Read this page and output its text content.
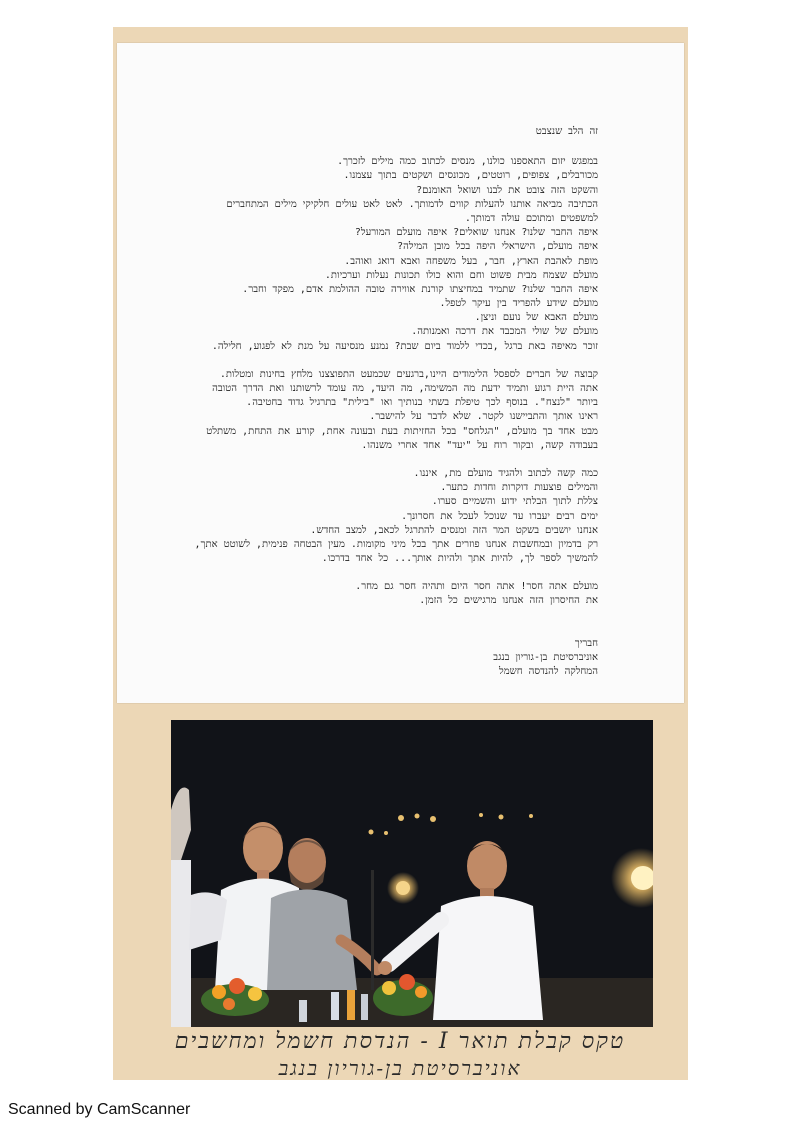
זה הלב שנצבט
במפגש יזום התאספנו כולנו, מנסים לכתוב כמה מילים לזכרך.
מכורבלים, צפופים, רוטטים, מכונסים ושקטים בתוך עצמנו.
והשקט הזה צובט את לבנו ושואל האומנם?
הכתיבה מביאה אותנו להעלות קווים לדמותך. לאט לאט עולים חלקיקי מילים המתחברים
למשפטים ומתוכם עולה דמותך.
איפה החבר שלנו? אנחנו שואלים? איפה מועלם המורעל?
איפה מועלם, הישראלי היפה בכל מובן המילה?
מופת לאהבת הארץ, חבר, בעל משפחה ואבא דואג ואוהב.
מועלם שצמח מבית פשוט וחם והוא כולו תכונות נעלות וערכיות.
איפה החבר שלנו? שתמיד במחיצתו קורנת אווירה טובה ההולמת אדם, מפקד וחבר.
מועלם שידע להפריד בין עיקר לטפל.
מועלם האבא של נועם וניצן.
מועלם של שולי המכבד את דרכה ואמנותה.
זוכר מאיפה באת ברגל ,בכדי ללמוד ביום שבת? נמנע מנסיעה על מנת לא לפגוע, חלילה.
קבוצה של חברים לספסל הלימודים היינו,ברגעים שכמעט התפוצצנו מלחץ בחינות ומטלות.
אתה היית רגוע ותמיד ידעת מה המשימה, מה היעד, מה עומד לרשותנו ואת הדרך הטובה
ביותר "לנצח". בנוסף לכך טיפלת בשתי בנותיך ואו "בילית" בתרגיל גדוד בחטיבה.
ראינו אותך והתביישנו לקטר. שלא לדבר על להישבר.
מבט אחד בך מועלם, "הגלחס" בכל החזיתות בעת ובעונה אחת, קורע את התחת, משתלט
בעבודה קשה, ובקור רוח על "יעד" אחד אחרי משנהו.
כמה קשה לכתוב ולהגיד מועלם מת, איננו.
והמילים פוצעות דוקרות וחדות כתער.
צללת לתוך הבלתי ידוע והשמיים סערו.
ימים רבים יעברו עד שנוכל לעכל את חסרונך.
אנחנו יושבים בשקט המר הזה ומנסים להתרגל לכאב, למצב החדש.
רק בדמיון ובמחשבות אנחנו פוזרים אתך בכל מיני מקומות. מעין הבטחה פנימית, לשוטט אתך,
להמשיך לספר לך, להיות אתך ולהיות אותך... כל אחד בדרכו.
מועלם אתה חסר! אתה חסר היום ותהיה חסר גם מחר.
את החיסרון הזה אנחנו מרגישים כל הזמן.
חבריך
אוניברסיטת בן-גוריון בנגב
המחלקה להנדסה חשמל
טקס קבלת תואר I - הנדסת חשמל ומחשבים
אוניברסיטת בן-גוריון בנגב
Scanned by CamScanner
